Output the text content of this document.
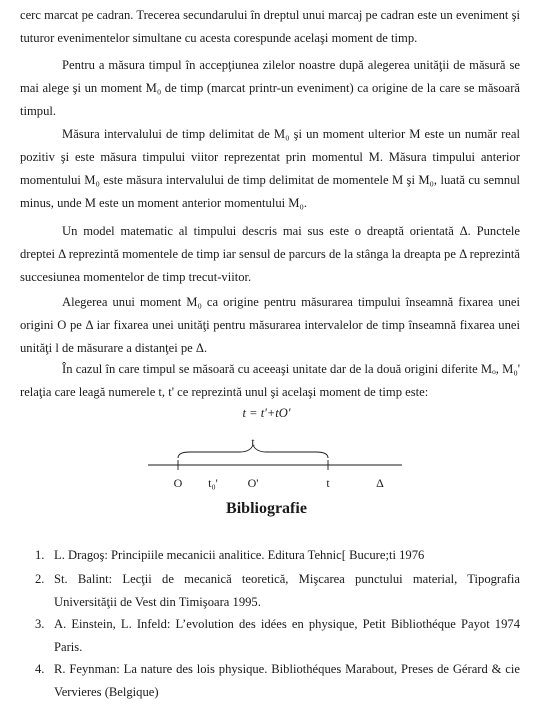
cerc marcat pe cadran. Trecerea secundarului în dreptul unui marcaj pe cadran este un eveniment şi tuturor evenimentelor simultane cu acesta corespunde acelaşi moment de timp.

Pentru a măsura timpul în accepţiunea zilelor noastre după alegerea unităţii de măsură se mai alege şi un moment M₀ de timp (marcat printr-un eveniment) ca origine de la care se măsoară timpul.

Măsura intervalului de timp delimitat de M₀ şi un moment ulterior M este un număr real pozitiv şi este măsura timpului viitor reprezentat prin momentul M. Măsura timpului anterior momentului M₀ este măsura intervalului de timp delimitat de momentele M şi M₀, luată cu semnul minus, unde M este un moment anterior momentului M₀.

Un model matematic al timpului descris mai sus este o dreaptă orientată Δ. Punctele dreptei Δ reprezintă momentele de timp iar sensul de parcurs de la stânga la dreapta pe Δ reprezintă succesiunea momentelor de timp trecut-viitor.

Alegerea unui moment M₀ ca origine pentru măsurarea timpului înseamnă fixarea unei origini O pe Δ iar fixarea unei unităţi pentru măsurarea intervalelor de timp înseamnă fixarea unei unităţi l de măsurare a distanţei pe Δ.

În cazul în care timpul se măsoară cu aceeaşi unitate dar de la două origini diferite Mₒ, M₀' relaţia care leagă numerele t, t' ce reprezintă unul şi acelaşi moment de timp este:

t = t'+tO'
t
O t₀' O'	t	Δ
Bibliografie
1. L. Dragoş: Principiile mecanicii analitice. Editura Tehnic[ Bucure;ti 1976
2. St. Balint: Lecţii de mecanică teoretică, Mişcarea punctului material, Tipografia Universităţii de Vest din Timişoara 1995.
3. A. Einstein, L. Infeld: L’evolution des idées en physique, Petit Bibliothéque Payot 1974 Paris.
4. R. Feynman: La nature des lois physique. Bibliothéques Marabout, Preses de Gérard & cie Vervieres (Belgique)
